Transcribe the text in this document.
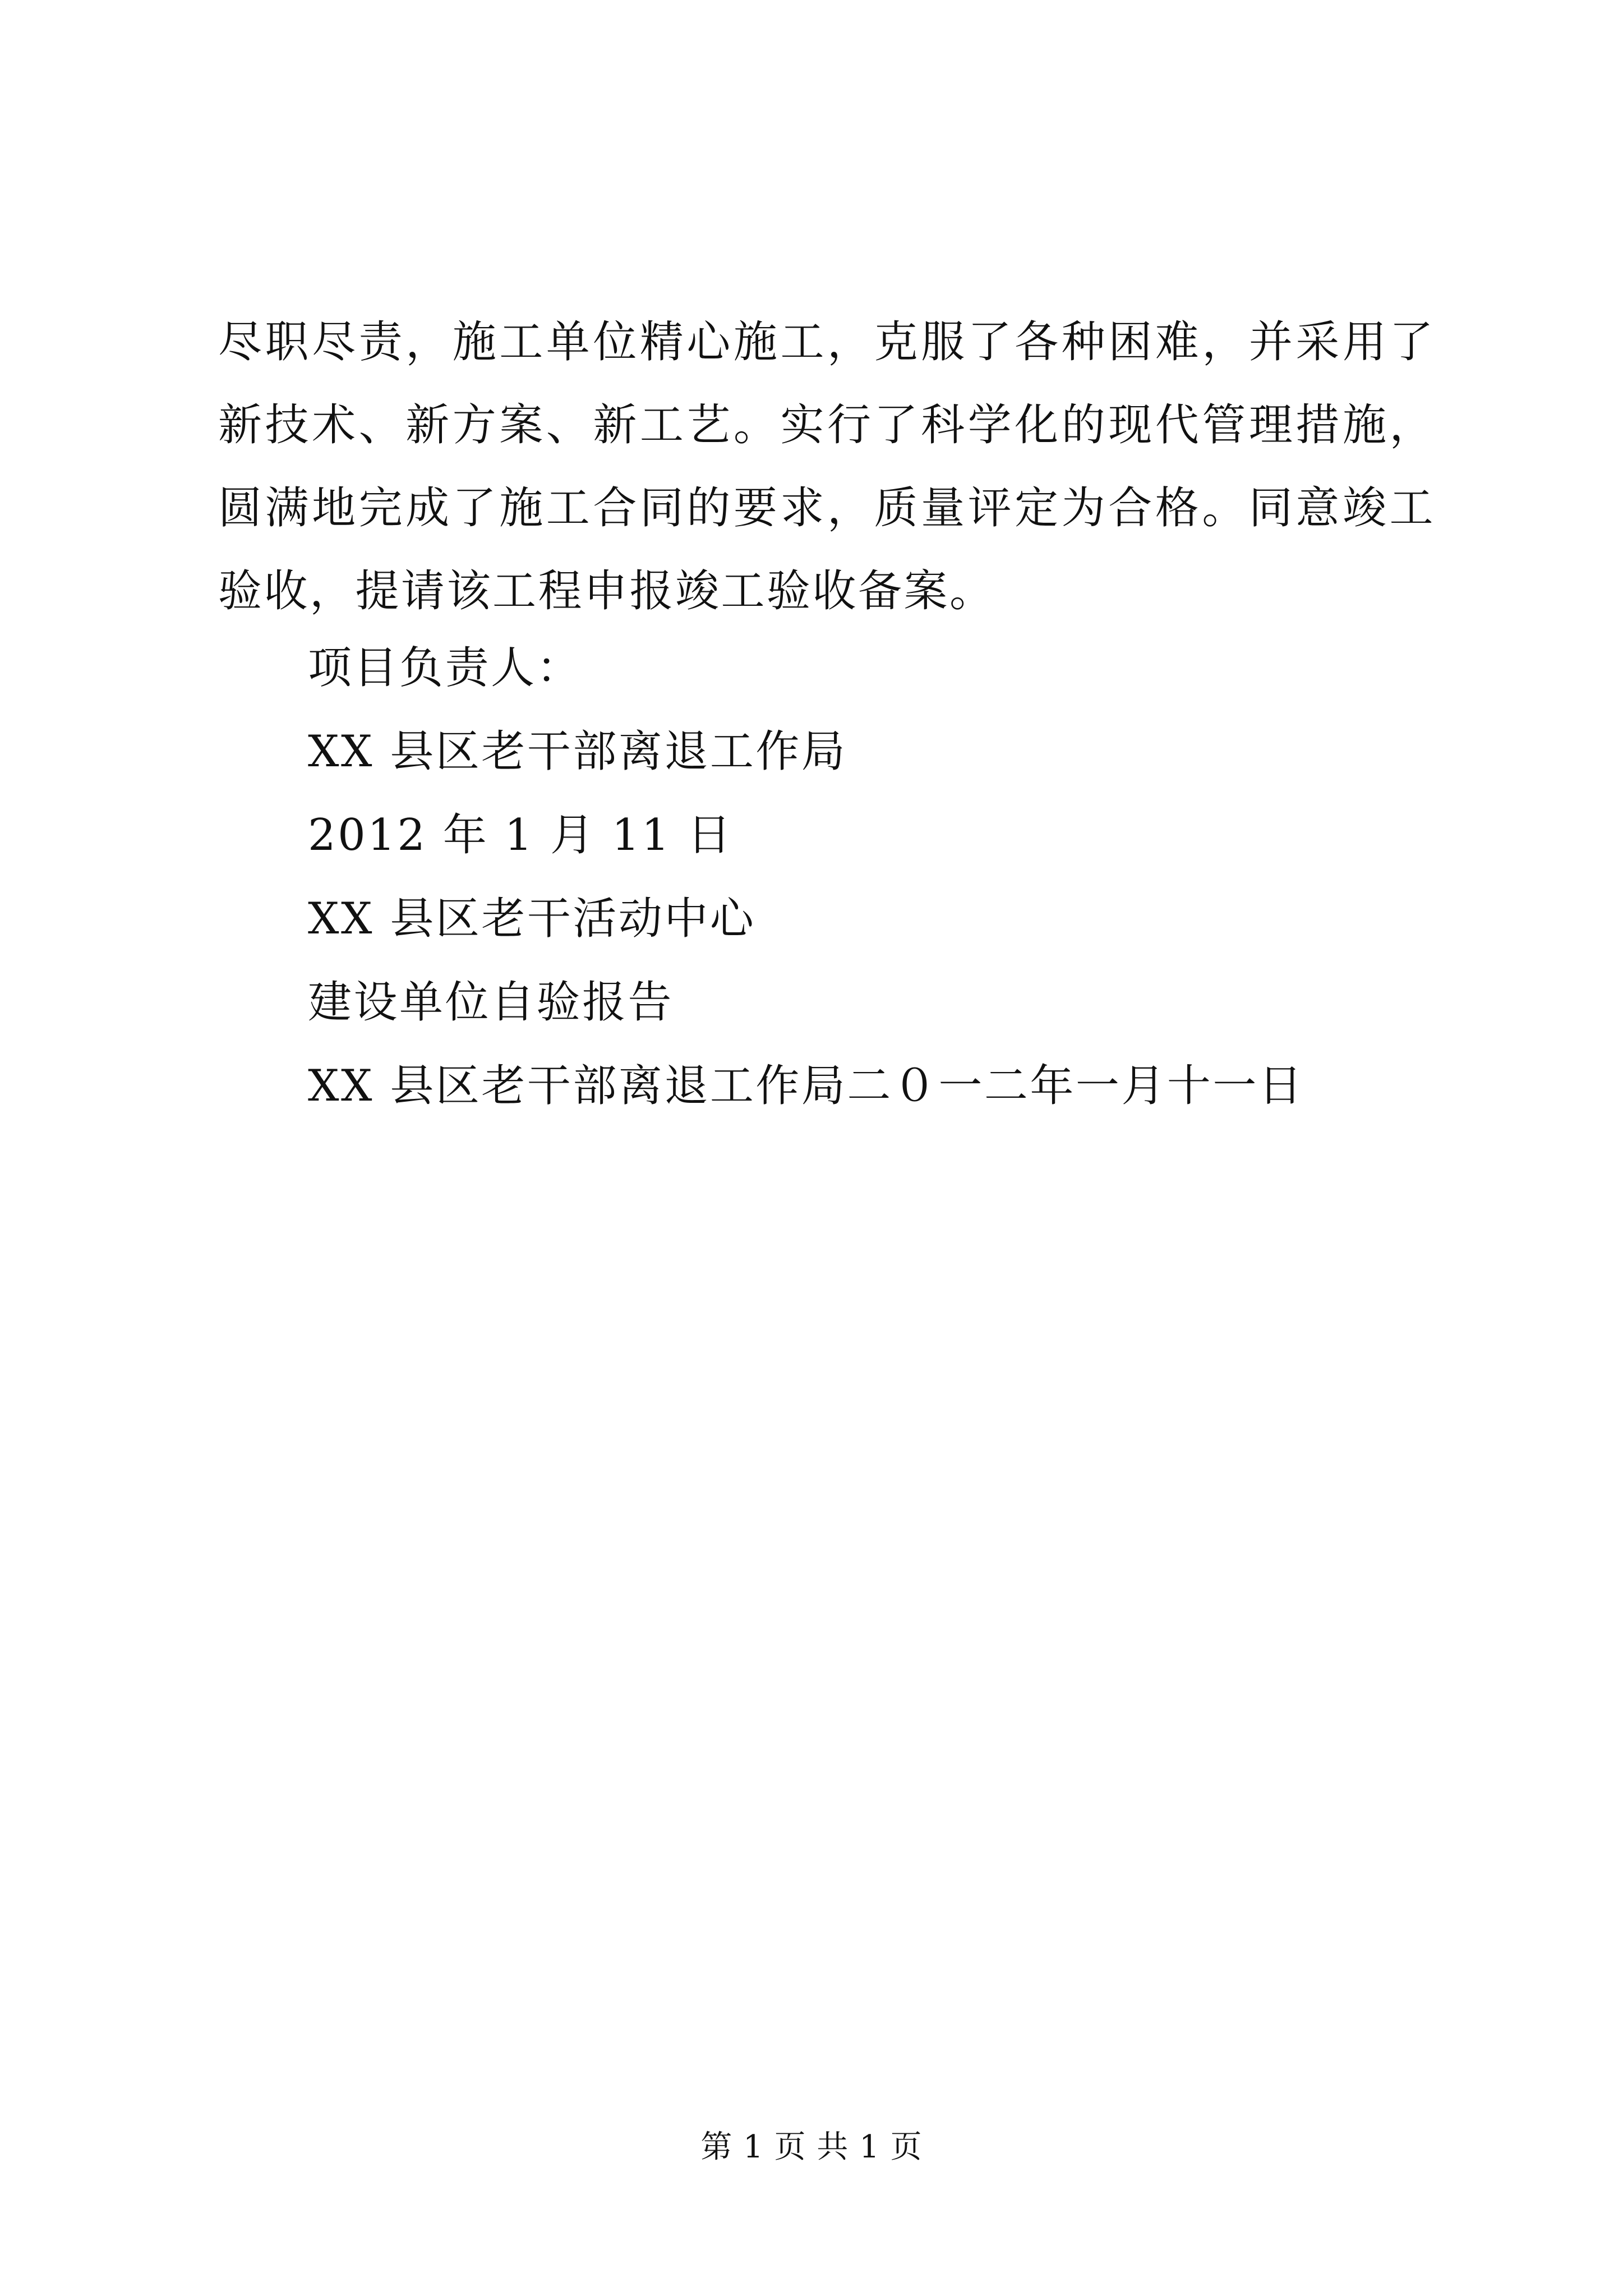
尽职尽责，施工单位精心施工，克服了各种困难，并采用了新技术、新方案、新工艺。实行了科学化的现代管理措施，圆满地完成了施工合同的要求，质量评定为合格。同意竣工验收，提请该工程申报竣工验收备案。

项目负责人：

XX 县区老干部离退工作局

2012 年 1 月 11 日

XX 县区老干活动中心

建设单位自验报告

XX 县区老干部离退工作局二０一二年一月十一日

第 1 页 共 1 页
